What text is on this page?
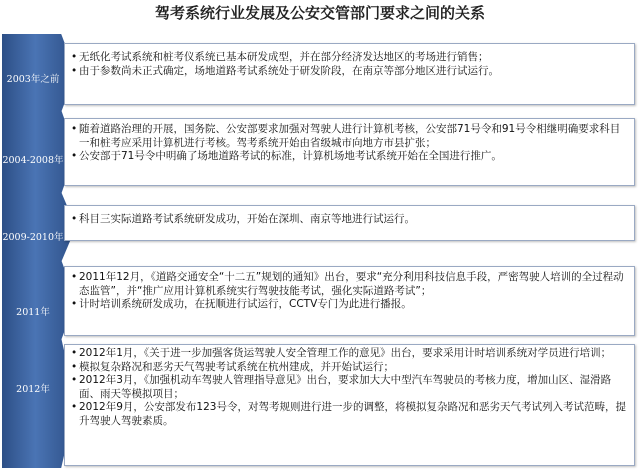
驾考系统行业发展及公安交管部门要求之间的关系
2003年之前
• 无纸化考试系统和桩考仪系统已基本研发成型，并在部分经济发达地区的考场进行销售；
• 由于参数尚未正式确定，场地道路考试系统处于研发阶段，在南京等部分地区进行试运行。
2004-2008年
• 随着道路治理的开展，国务院、公安部要求加强对驾驶人进行计算机考核，公安部71号令和91号令相继明确要求科目一和桩考应采用计算机进行考核。驾考系统开始由省级城市向地方市县扩张；
• 公安部于71号令中明确了场地道路考试的标准，计算机场地考试系统开始在全国进行推广。
2009-2010年
• 科目三实际道路考试系统研发成功，开始在深圳、南京等地进行试运行。
2011年
• 2011年12月，《道路交通安全“十二五”规划的通知》出台，要求“充分利用科技信息手段，严密驾驶人培训的全过程动态监管”，并“推广应用计算机系统实行驾驶技能考试，强化实际道路考试”；
• 计时培训系统研发成功，在抚顺进行试运行，CCTV专门为此进行播报。
2012年
• 2012年1月，《关于进一步加强客货运驾驶人安全管理工作的意见》出台，要求采用计时培训系统对学员进行培训；
• 模拟复杂路况和恶劣天气驾驶考试系统在杭州建成，并开始试运行；
• 2012年3月，《加强机动车驾驶人管理指导意见》出台，要求加大大中型汽车驾驶员的考核力度，增加山区、湿滑路面、雨天等模拟项目；
• 2012年9月，公安部发布123号令，对驾考规则进行进一步的调整，将模拟复杂路况和恶劣天气考试列入考试范畴，提升驾驶人驾驶素质。
